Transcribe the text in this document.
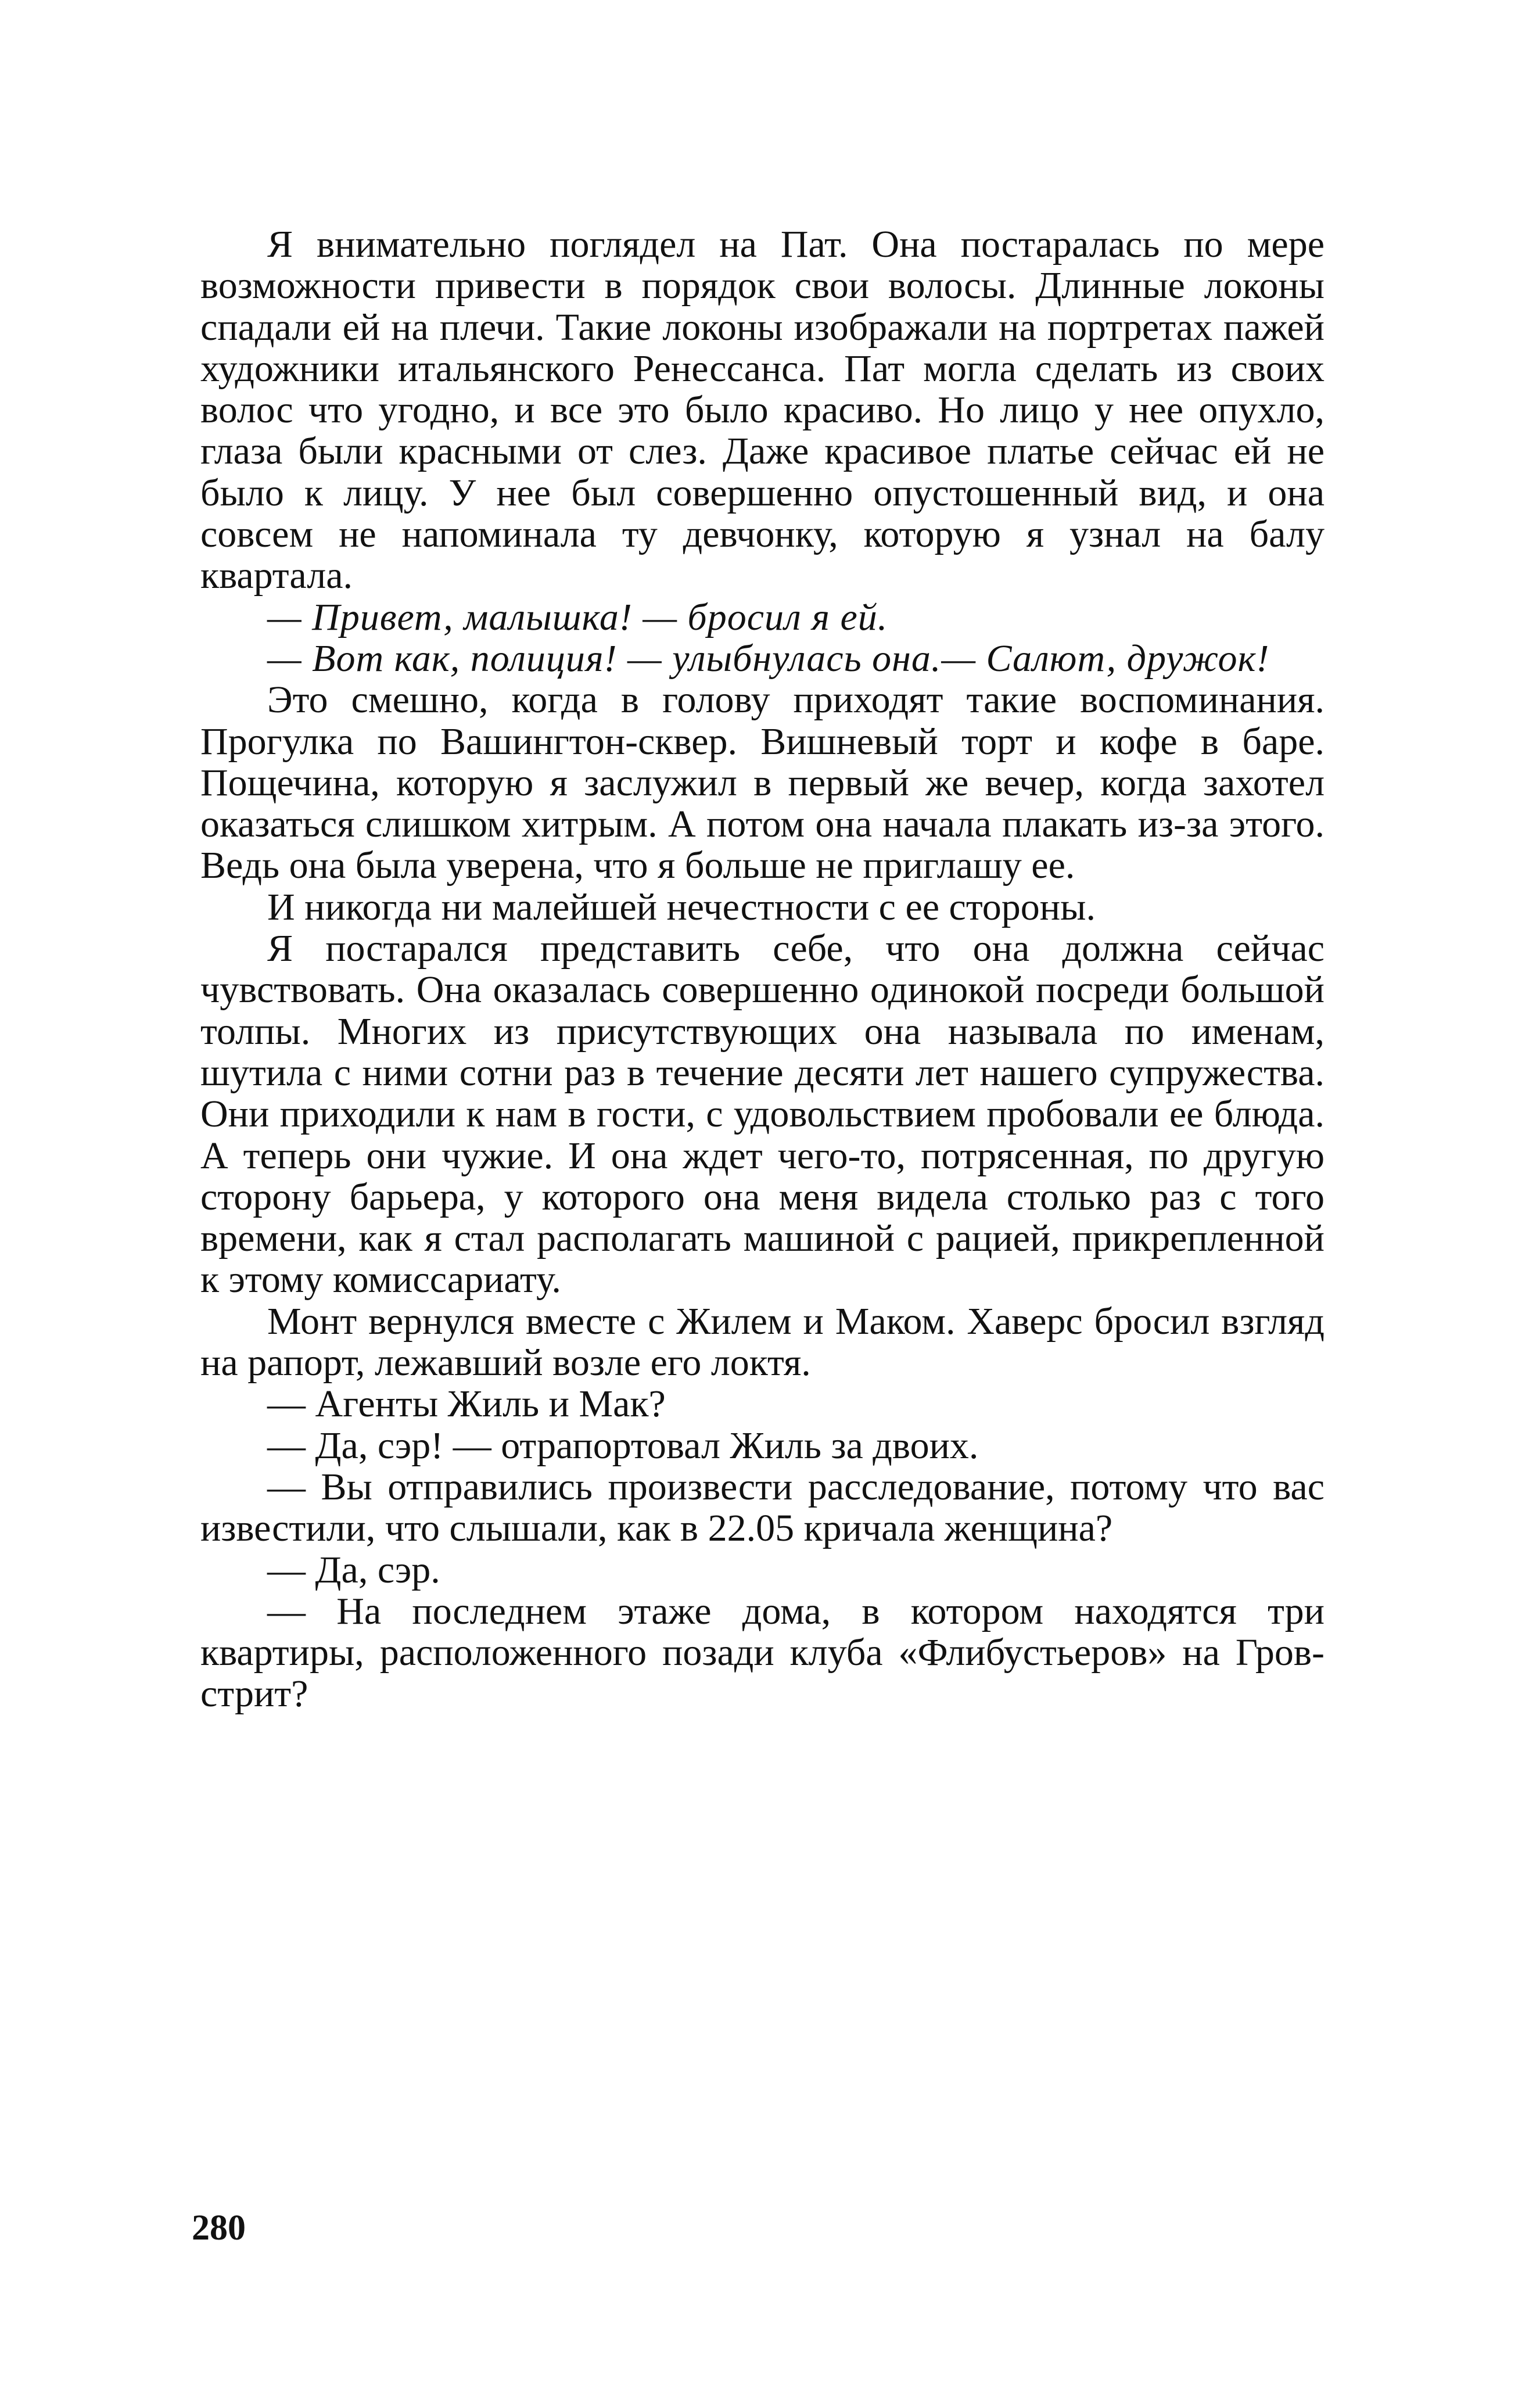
Я внимательно поглядел на Пат. Она постаралась по мере возможности привести в порядок свои волосы. Длинные локоны спадали ей на плечи. Такие локоны изображали на портретах пажей художники итальянского Ренессанса. Пат могла сделать из своих волос что угодно, и все это было красиво. Но лицо у нее опухло, глаза были красными от слез. Даже красивое платье сейчас ей не было к лицу. У нее был совершенно опустошенный вид, и она совсем не напоминала ту девчонку, которую я узнал на балу квартала.

— Привет, малышка! — бросил я ей.

— Вот как, полиция! — улыбнулась она.— Салют, дружок!

Это смешно, когда в голову приходят такие воспоминания. Прогулка по Вашингтон-сквер. Вишневый торт и кофе в баре. Пощечина, которую я заслужил в первый же вечер, когда захотел оказаться слишком хитрым. А потом она начала плакать из-за этого. Ведь она была уверена, что я больше не приглашу ее.

И никогда ни малейшей нечестности с ее стороны.

Я постарался представить себе, что она должна сейчас чувствовать. Она оказалась совершенно одинокой посреди большой толпы. Многих из присутствующих она называла по именам, шутила с ними сотни раз в течение десяти лет нашего супружества. Они приходили к нам в гости, с удовольствием пробовали ее блюда. А теперь они чужие. И она ждет чего-то, потрясенная, по другую сторону барьера, у которого она меня видела столько раз с того времени, как я стал располагать машиной с рацией, прикрепленной к этому комиссариату.

Монт вернулся вместе с Жилем и Маком. Хаверс бросил взгляд на рапорт, лежавший возле его локтя.

— Агенты Жиль и Мак?

— Да, сэр! — отрапортовал Жиль за двоих.

— Вы отправились произвести расследование, потому что вас известили, что слышали, как в 22.05 кричала женщина?

— Да, сэр.

— На последнем этаже дома, в котором находятся три квартиры, расположенного позади клуба «Флибустьеров» на Гров-стрит?

280
